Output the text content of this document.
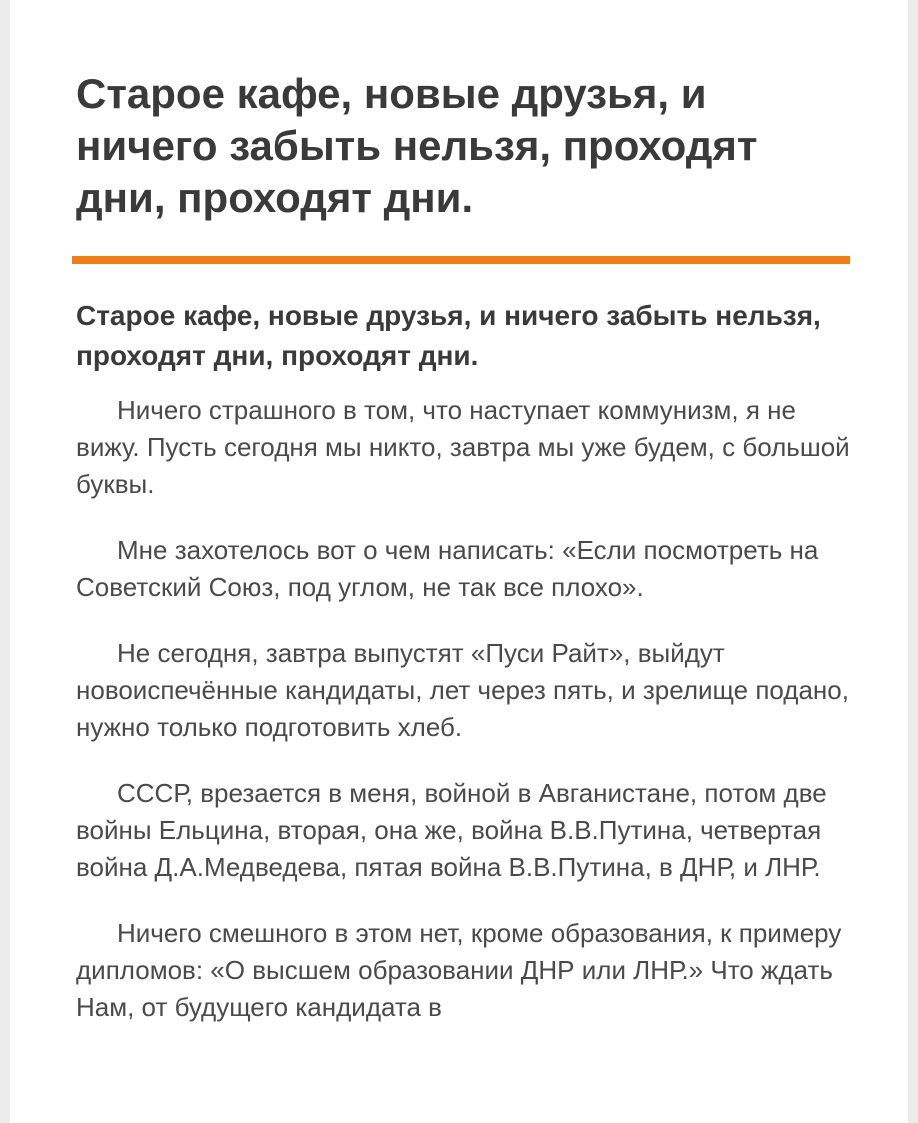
Старое кафе, новые друзья, и ничего забыть нельзя, проходят дни, проходят дни.
Старое кафе, новые друзья, и ничего забыть нельзя, проходят дни, проходят дни.

Ничего страшного в том, что наступает коммунизм, я не вижу. Пусть сегодня мы никто, завтра мы уже будем, с большой буквы.

Мне захотелось вот о чем написать: «Если посмотреть на Советский Союз, под углом, не так все плохо».

Не сегодня, завтра выпустят «Пуси Райт», выйдут новоиспечённые кандидаты, лет через пять, и зрелище подано, нужно только подготовить хлеб.

СССР, врезается в меня, войной в Авганистане, потом две войны Ельцина, вторая, она же, война В.В.Путина, четвертая война Д.А.Медведева, пятая война В.В.Путина, в ДНР, и ЛНР.

Ничего смешного в этом нет, кроме образования, к примеру дипломов: «О высшем образовании ДНР или ЛНР.» Что ждать Нам, от будущего кандидата в
